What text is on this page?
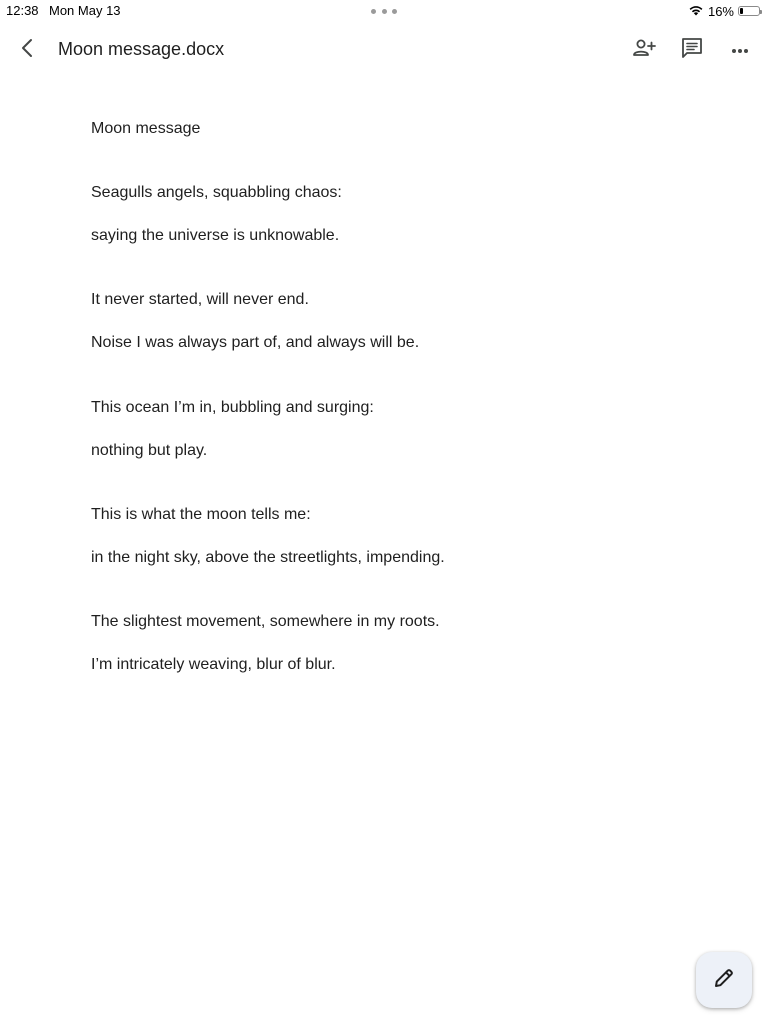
12:38 Mon May 13	16%
Moon message.docx
Moon message
Seagulls angels, squabbling chaos:
saying the universe is unknowable.
It never started, will never end.
Noise I was always part of, and always will be.
This ocean I’m in, bubbling and surging:
nothing but play.
This is what the moon tells me:
in the night sky, above the streetlights, impending.
The slightest movement, somewhere in my roots.
I’m intricately weaving, blur of blur.
